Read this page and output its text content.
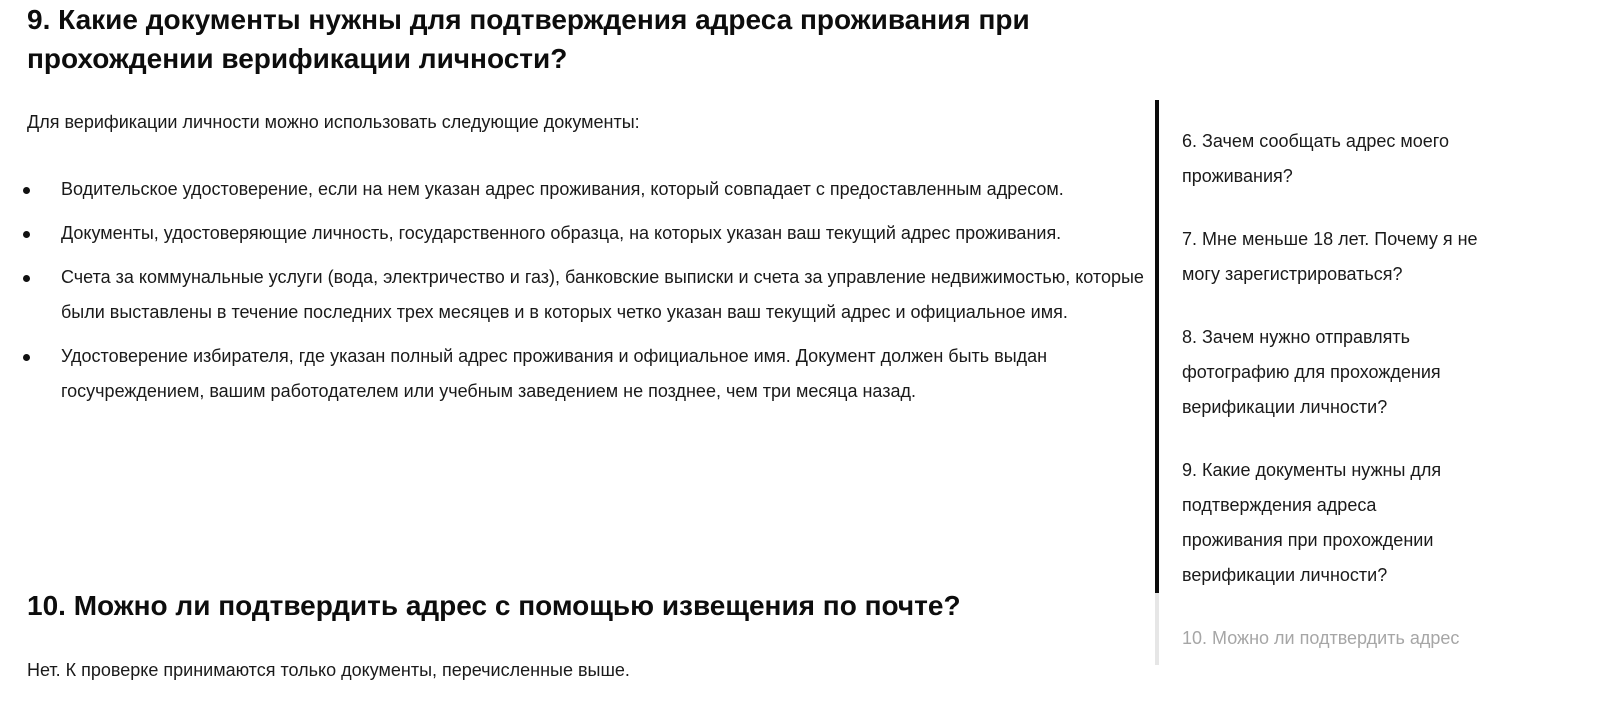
9. Какие документы нужны для подтверждения адреса проживания при прохождении верификации личности?

Для верификации личности можно использовать следующие документы:

Водительское удостоверение, если на нем указан адрес проживания, который совпадает с предоставленным адресом.
Документы, удостоверяющие личность, государственного образца, на которых указан ваш текущий адрес проживания.
Счета за коммунальные услуги (вода, электричество и газ), банковские выписки и счета за управление недвижимостью, которые были выставлены в течение последних трех месяцев и в которых четко указан ваш текущий адрес и официальное имя.
Удостоверение избирателя, где указан полный адрес проживания и официальное имя. Документ должен быть выдан госучреждением, вашим работодателем или учебным заведением не позднее, чем три месяца назад.
10. Можно ли подтвердить адрес с помощью извещения по почте?

Нет. К проверке принимаются только документы, перечисленные выше.

6. Зачем сообщать адрес моего проживания?
7. Мне меньше 18 лет. Почему я не могу зарегистрироваться?
8. Зачем нужно отправлять фотографию для прохождения верификации личности?
9. Какие документы нужны для подтверждения адреса проживания при прохождении верификации личности?
10. Можно ли подтвердить адрес
